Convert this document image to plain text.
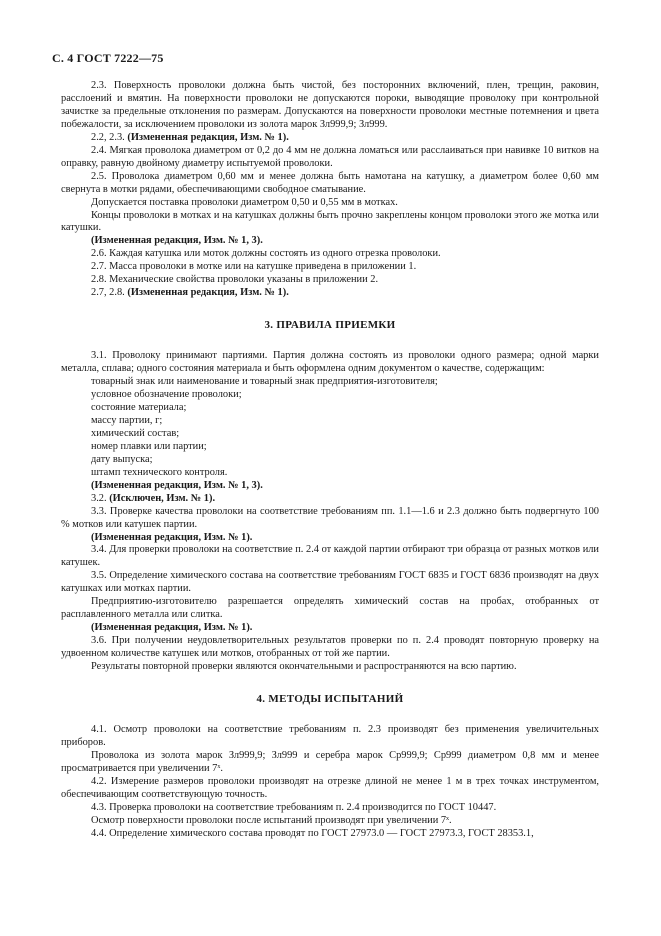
С. 4 ГОСТ 7222—75

2.3. Поверхность проволоки должна быть чистой, без посторонних включений, плен, трещин, раковин, расслоений и вмятин. На поверхности проволоки не допускаются пороки, выводящие проволоку при контрольной зачистке за предельные отклонения по размерам. Допускаются на поверхности проволоки местные потемнения и цвета побежалости, за исключением проволоки из золота марок Зл999,9; Зл999.

2.2, 2.3. (Измененная редакция, Изм. № 1).

2.4. Мягкая проволока диаметром от 0,2 до 4 мм не должна ломаться или расслаиваться при навивке 10 витков на оправку, равную двойному диаметру испытуемой проволоки.

2.5. Проволока диаметром 0,60 мм и менее должна быть намотана на катушку, а диаметром более 0,60 мм свернута в мотки рядами, обеспечивающими свободное сматывание.

Допускается поставка проволоки диаметром 0,50 и 0,55 мм в мотках.

Концы проволоки в мотках и на катушках должны быть прочно закреплены концом проволоки этого же мотка или катушки.

(Измененная редакция, Изм. № 1, 3).

2.6. Каждая катушка или моток должны состоять из одного отрезка проволоки.

2.7. Масса проволоки в мотке или на катушке приведена в приложении 1.

2.8. Механические свойства проволоки указаны в приложении 2.

2.7, 2.8. (Измененная редакция, Изм. № 1).

3. ПРАВИЛА ПРИЕМКИ

3.1. Проволоку принимают партиями. Партия должна состоять из проволоки одного размера; одной марки металла, сплава; одного состояния материала и быть оформлена одним документом о качестве, содержащим:

товарный знак или наименование и товарный знак предприятия-изготовителя;

условное обозначение проволоки;

состояние материала;

массу партии, г;

химический состав;

номер плавки или партии;

дату выпуска;

штамп технического контроля.

(Измененная редакция, Изм. № 1, 3).

3.2. (Исключен, Изм. № 1).

3.3. Проверке качества проволоки на соответствие требованиям пп. 1.1—1.6 и 2.3 должно быть подвергнуто 100 % мотков или катушек партии.

(Измененная редакция, Изм. № 1).

3.4. Для проверки проволоки на соответствие п. 2.4 от каждой партии отбирают три образца от разных мотков или катушек.

3.5. Определение химического состава на соответствие требованиям ГОСТ 6835 и ГОСТ 6836 производят на двух катушках или мотках партии.

Предприятию-изготовителю разрешается определять химический состав на пробах, отобранных от расплавленного металла или слитка.

(Измененная редакция, Изм. № 1).

3.6. При получении неудовлетворительных результатов проверки по п. 2.4 проводят повторную проверку на удвоенном количестве катушек или мотков, отобранных от той же партии.

Результаты повторной проверки являются окончательными и распространяются на всю партию.

4. МЕТОДЫ ИСПЫТАНИЙ

4.1. Осмотр проволоки на соответствие требованиям п. 2.3 производят без применения увеличительных приборов.

Проволока из золота марок Зл999,9; Зл999 и серебра марок Ср999,9; Ср999 диаметром 0,8 мм и менее просматривается при увеличении 7ˣ.

4.2. Измерение размеров проволоки производят на отрезке длиной не менее 1 м в трех точках инструментом, обеспечивающим соответствующую точность.

4.3. Проверка проволоки на соответствие требованиям п. 2.4 производится по ГОСТ 10447.

Осмотр поверхности проволоки после испытаний производят при увеличении 7ˣ.

4.4. Определение химического состава проводят по ГОСТ 27973.0 — ГОСТ 27973.3, ГОСТ 28353.1,
